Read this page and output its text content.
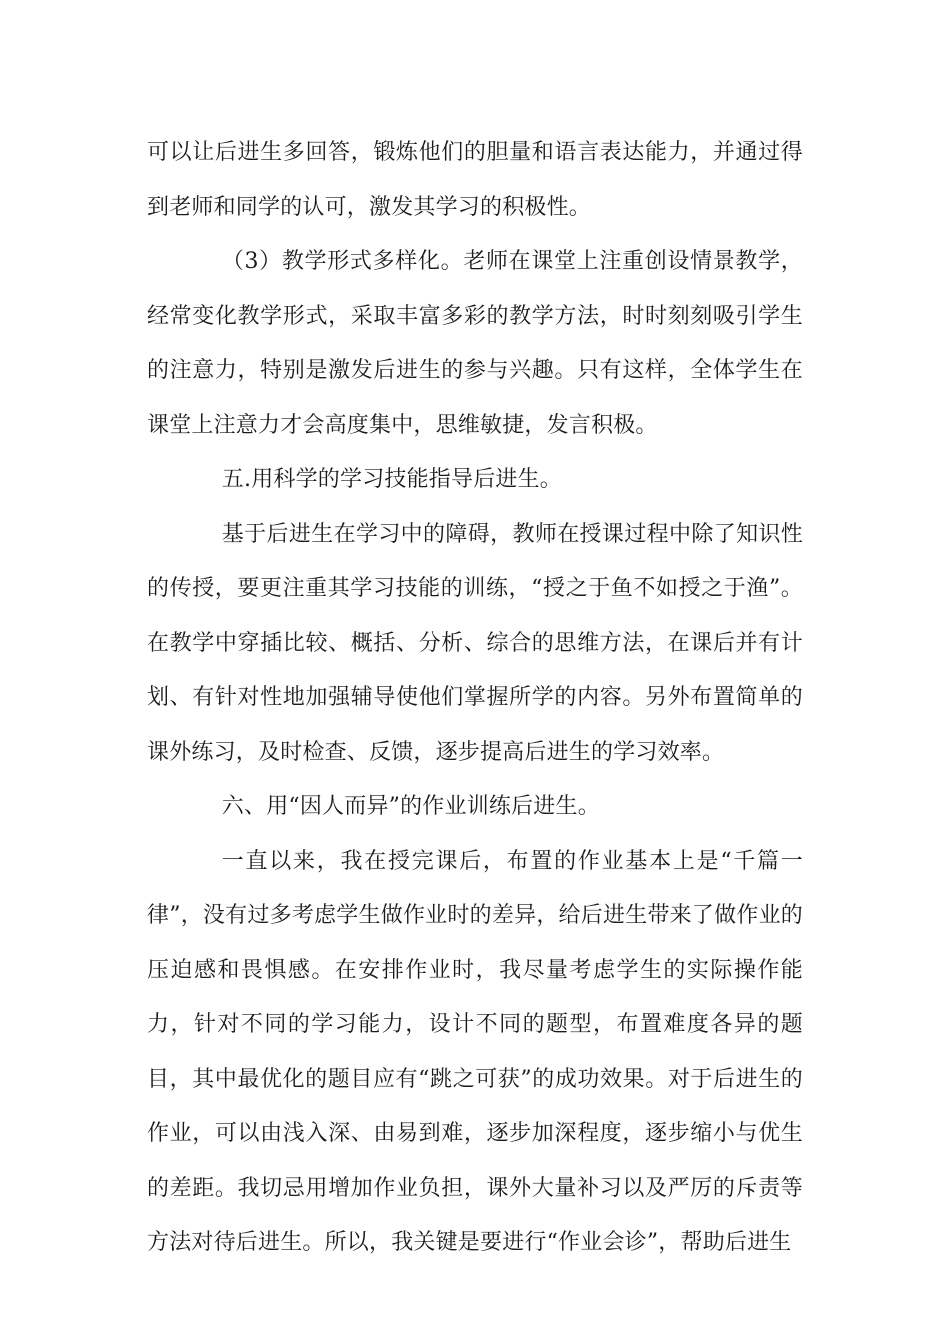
可以让后进生多回答，锻炼他们的胆量和语言表达能力，并通过得到老师和同学的认可，激发其学习的积极性。

（3）教学形式多样化。老师在课堂上注重创设情景教学，经常变化教学形式，采取丰富多彩的教学方法，时时刻刻吸引学生的注意力，特别是激发后进生的参与兴趣。只有这样，全体学生在课堂上注意力才会高度集中，思维敏捷，发言积极。

五.用科学的学习技能指导后进生。

基于后进生在学习中的障碍，教师在授课过程中除了知识性的传授，要更注重其学习技能的训练，“授之于鱼不如授之于渔”。在教学中穿插比较、概括、分析、综合的思维方法，在课后并有计划、有针对性地加强辅导使他们掌握所学的内容。另外布置简单的课外练习，及时检查、反馈，逐步提高后进生的学习效率。

六、用“因人而异”的作业训练后进生。

一直以来，我在授完课后，布置的作业基本上是“千篇一律”，没有过多考虑学生做作业时的差异，给后进生带来了做作业的压迫感和畏惧感。在安排作业时，我尽量考虑学生的实际操作能力，针对不同的学习能力，设计不同的题型，布置难度各异的题目，其中最优化的题目应有“跳之可获”的成功效果。对于后进生的作业，可以由浅入深、由易到难，逐步加深程度，逐步缩小与优生的差距。我切忌用增加作业负担，课外大量补习以及严厉的斥责等方法对待后进生。所以，我关键是要进行“作业会诊”，帮助后进生
